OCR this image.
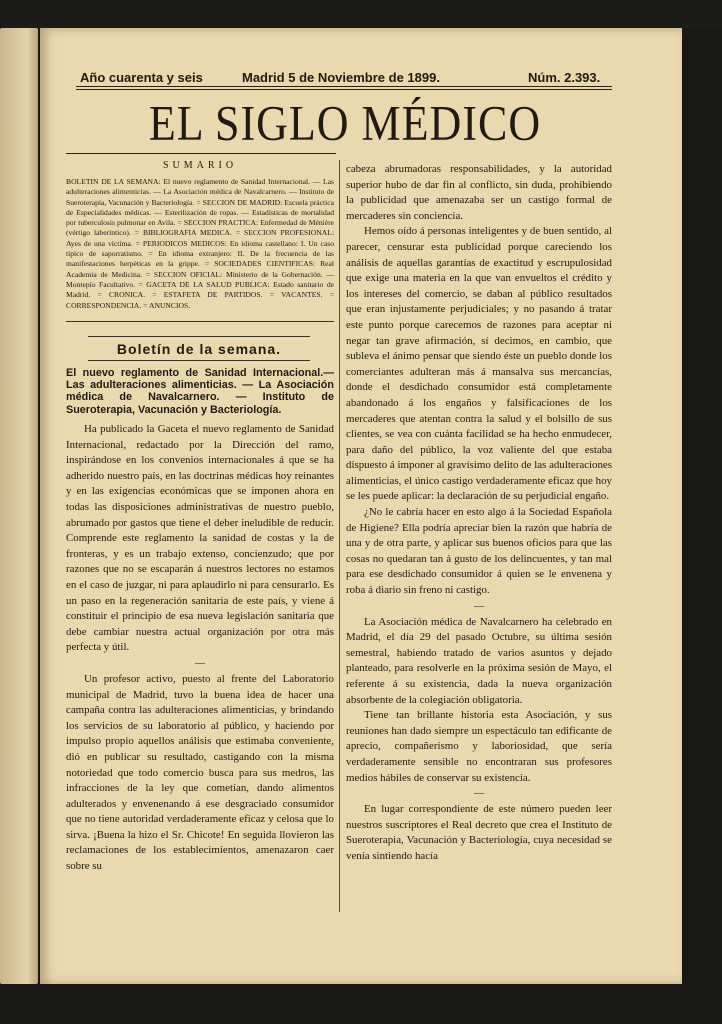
Año cuarenta y seis	Madrid 5 de Noviembre de 1899.	Núm. 2.393.
EL SIGLO MÉDICO
SUMARIO

BOLETIN DE LA SEMANA: El nuevo reglamento de Sanidad Internacional. — Las adulteraciones alimenticias. — La Asociación médica de Navalcarnero. — Instituto de Sueroterapia, Vacunación y Bacteriología. = SECCION DE MADRID: Escuela práctica de Especialidades médicas. — Esterilización de ropas. — Estadísticas de mortalidad por tuberculosis pulmonar en Avila. = SECCION PRACTICA: Enfermedad de Ménière (vértigo laberíntico). = BIBLIOGRAFIA MEDICA. = SECCION PROFESIONAL: Ayes de una víctima. = PERIODICOS MEDICOS: En idioma castellano: I. Un caso típico de saporratismo. = En idioma extranjero: II. De la frecuencia de las manifestaciones herpéticas en la grippe. = SOCIEDADES CIENTIFICAS: Real Academia de Medicina. = SECCION OFICIAL: Ministerio de la Gobernación. — Montepío Facultativo. = GACETA DE LA SALUD PUBLICA: Estado sanitario de Madrid. = CRONICA. = ESTAFETA DE PARTIDOS. = VACANTES. = CORRESPONDENCIA. = ANUNCIOS.

Boletín de la semana.

El nuevo reglamento de Sanidad Internacional.— Las adulteraciones alimenticias. — La Asociación médica de Navalcarnero. — Instituto de Sueroterapia, Vacunación y Bacteriología.

Ha publicado la Gaceta el nuevo reglamento de Sanidad Internacional, redactado por la Dirección del ramo, inspirándose en los convenios internacionales á que se ha adherido nuestro país, en las doctrinas médicas hoy reinantes y en las exigencias económicas que se imponen ahora en todas las disposiciones administrativas de nuestro pueblo, abrumado por gastos que tiene el deber ineludible de reducir. Comprende este reglamento la sanidad de costas y la de fronteras, y es un trabajo extenso, concienzudo; que por razones que no se escaparán á nuestros lectores no estamos en el caso de juzgar, ni para aplaudirlo ni para censurarlo. Es un paso en la regeneración sanitaria de este país, y viene á constituir el principio de esa nueva legislación sanitaria que debe cambiar nuestra actual organización por otra más perfecta y útil.

—

Un profesor activo, puesto al frente del Laboratorio municipal de Madrid, tuvo la buena idea de hacer una campaña contra las adulteraciones alimenticias, y brindando los servicios de su laboratorio al público, y haciendo por impulso propio aquellos análisis que estimaba conveniente, dió en publicar su resultado, castigando con la misma notoriedad que todo comercio busca para sus medros, las infracciones de la ley que cometían, dando alimentos adulterados y envenenando á ese desgraciado consumidor que no tiene autoridad verdaderamente eficaz y celosa que lo sirva. ¡Buena la hizo el Sr. Chicote! En seguida llovieron las reclamaciones de los establecimientos, amenazaron caer sobre su

cabeza abrumadoras responsabilidades, y la autoridad superior hubo de dar fin al conflicto, sin duda, prohibiendo la publicidad que amenazaba ser un castigo formal de mercaderes sin conciencia.

Hemos oído á personas inteligentes y de buen sentido, al parecer, censurar esta publicidad porque careciendo los análisis de aquellas garantías de exactitud y escrupulosidad que exige una materia en la que van envueltos el crédito y los intereses del comercio, se daban al público resultados que eran injustamente perjudiciales; y no pasando á tratar este punto porque carecemos de razones para aceptar ni negar tan grave afirmación, sí decimos, en cambio, que subleva el ánimo pensar que siendo éste un pueblo donde los comerciantes adulteran más á mansalva sus mercancías, donde el desdichado consumidor está completamente abandonado á los engaños y falsificaciones de los mercaderes que atentan contra la salud y el bolsillo de sus clientes, se vea con cuánta facilidad se ha hecho enmudecer, para daño del público, la voz valiente del que estaba dispuesto á imponer al gravísimo delito de las adulteraciones alimenticias, el único castigo verdaderamente eficaz que hoy se les puede aplicar: la declaración de su perjudicial engaño.

¿No le cabría hacer en esto algo á la Sociedad Española de Higiene? Ella podría apreciar bien la razón que habría de una y de otra parte, y aplicar sus buenos oficios para que las cosas no quedaran tan á gusto de los delincuentes, y tan mal para ese desdichado consumidor á quien se le envenena y roba á diario sin freno ni castigo.

—

La Asociación médica de Navalcarnero ha celebrado en Madrid, el día 29 del pasado Octubre, su última sesión semestral, habiendo tratado de varios asuntos y dejado planteado, para resolverle en la próxima sesión de Mayo, el referente á su existencia, dada la nueva organización absorbente de la colegiación obligatoria.

Tiene tan brillante historia esta Asociación, y sus reuniones han dado siempre un espectáculo tan edificante de aprecio, compañerismo y laboriosidad, que sería verdaderamente sensible no encontraran sus profesores medios hábiles de conservar su existencia.

—

En lugar correspondiente de este número pueden leer nuestros suscriptores el Real decreto que crea el Instituto de Sueroterapia, Vacunación y Bacteriología, cuya necesidad se venía sintiendo hacía
